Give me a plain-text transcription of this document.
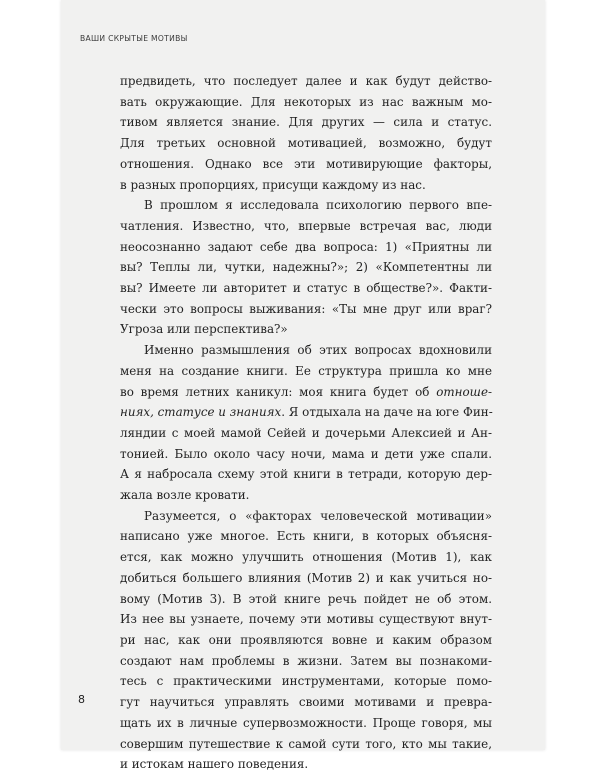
ВАШИ СКРЫТЫЕ МОТИВЫ
предвидеть, что последует далее и как будут действо-
вать окружающие. Для некоторых из нас важным мо-
тивом является знание. Для других — сила и статус.
Для третьих основной мотивацией, возможно, будут
отношения. Однако все эти мотивирующие факторы,
в разных пропорциях, присущи каждому из нас.
В прошлом я исследовала психологию первого впе-
чатления. Известно, что, впервые встречая вас, люди
неосознанно задают себе два вопроса: 1) «Приятны ли
вы? Теплы ли, чутки, надежны?»; 2) «Компетентны ли
вы? Имеете ли авторитет и статус в обществе?». Факти-
чески это вопросы выживания: «Ты мне друг или враг?
Угроза или перспектива?»
Именно размышления об этих вопросах вдохновили
меня на создание книги. Ее структура пришла ко мне
во время летних каникул: моя книга будет об отноше-
ниях, статусе и знаниях. Я отдыхала на даче на юге Фин-
ляндии с моей мамой Сейей и дочерьми Алексией и Ан-
тонией. Было около часу ночи, мама и дети уже спали.
А я набросала схему этой книги в тетради, которую дер-
жала возле кровати.
Разумеется, о «факторах человеческой мотивации»
написано уже многое. Есть книги, в которых объясня-
ется, как можно улучшить отношения (Мотив 1), как
добиться большего влияния (Мотив 2) и как учиться но-
вому (Мотив 3). В этой книге речь пойдет не об этом.
Из нее вы узнаете, почему эти мотивы существуют внут-
ри нас, как они проявляются вовне и каким образом
создают нам проблемы в жизни. Затем вы познакоми-
тесь с практическими инструментами, которые помо-
гут научиться управлять своими мотивами и превра-
щать их в личные супервозможности. Проще говоря, мы
совершим путешествие к самой сути того, кто мы такие,
и истокам нашего поведения.
8
